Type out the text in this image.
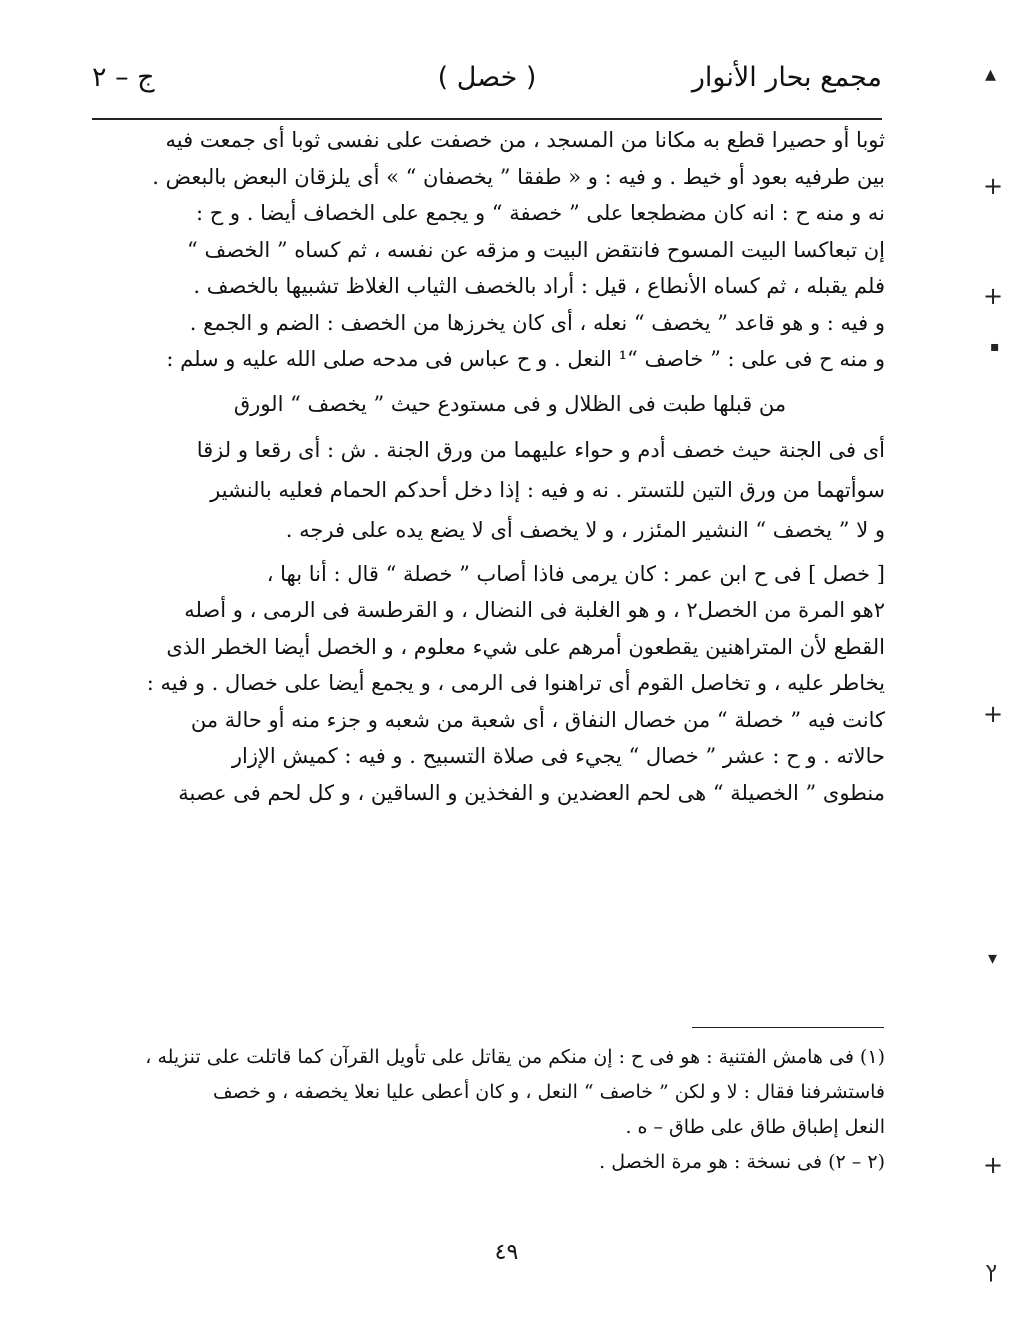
مجمع بحار الأنوار
( خصل )
ج – ٢
ثوبا أو حصيرا قطع به مكانا من المسجد ، من خصفت على نفسى ثوبا أى جمعت فيه
بين طرفيه بعود أو خيط . و فيه : و « طفقا ” يخصفان “ » أى يلزقان البعض بالبعض .
نه و منه ح : انه كان مضطجعا على ” خصفة “ و يجمع على الخصاف أيضا . و ح :
إن تبعاكسا البيت المسوح فانتقض البيت و مزقه عن نفسه ، ثم كساه ” الخصف “
فلم يقبله ، ثم كساه الأنطاع ، قيل : أراد بالخصف الثياب الغلاظ تشبيها بالخصف .
و فيه : و هو قاعد ” يخصف “ نعله ، أى كان يخرزها من الخصف : الضم و الجمع .
و منه ح فى على : ” خاصف “¹ النعل . و ح عباس فى مدحه صلى الله عليه و سلم :
من قبلها طبت فى الظلال و فى مستودع حيث ” يخصف “ الورق
أى فى الجنة حيث خصف أدم و حواء عليهما من ورق الجنة . ش : أى رقعا و لزقا
سوأتهما من ورق التين للتستر . نه و فيه : إذا دخل أحدكم الحمام فعليه بالنشير
و لا ” يخصف “ النشير المئزر ، و لا يخصف أى لا يضع يده على فرجه .
[ خصل ] فى ح ابن عمر : كان يرمى فاذا أصاب ” خصلة “ قال : أنا بها ،
٢هو المرة من الخصل٢ ، و هو الغلبة فى النضال ، و القرطسة فى الرمى ، و أصله
القطع لأن المتراهنين يقطعون أمرهم على شيء معلوم ، و الخصل أيضا الخطر الذى
يخاطر عليه ، و تخاصل القوم أى تراهنوا فى الرمى ، و يجمع أيضا على خصال . و فيه :
كانت فيه ” خصلة “ من خصال النفاق ، أى شعبة من شعبه و جزء منه أو حالة من
حالاته . و ح : عشر ” خصال “ يجيء فى صلاة التسبيح . و فيه : كميش الإزار
منطوى ” الخصيلة “ هى لحم العضدين و الفخذين و الساقين ، و كل لحم فى عصبة
(١) فى هامش الفتنية : هو فى ح : إن منكم من يقاتل على تأويل القرآن كما قاتلت على تنزيله ،
فاستشرفنا فقال : لا و لكن ” خاصف “ النعل ، و كان أعطى عليا نعلا يخصفه ، و خصف
النعل إطباق طاق على طاق – ه .
(٢ – ٢) فى نسخة : هو مرة الخصل .
٤٩
▴
+
+
▪
+
▾
+
ץ
